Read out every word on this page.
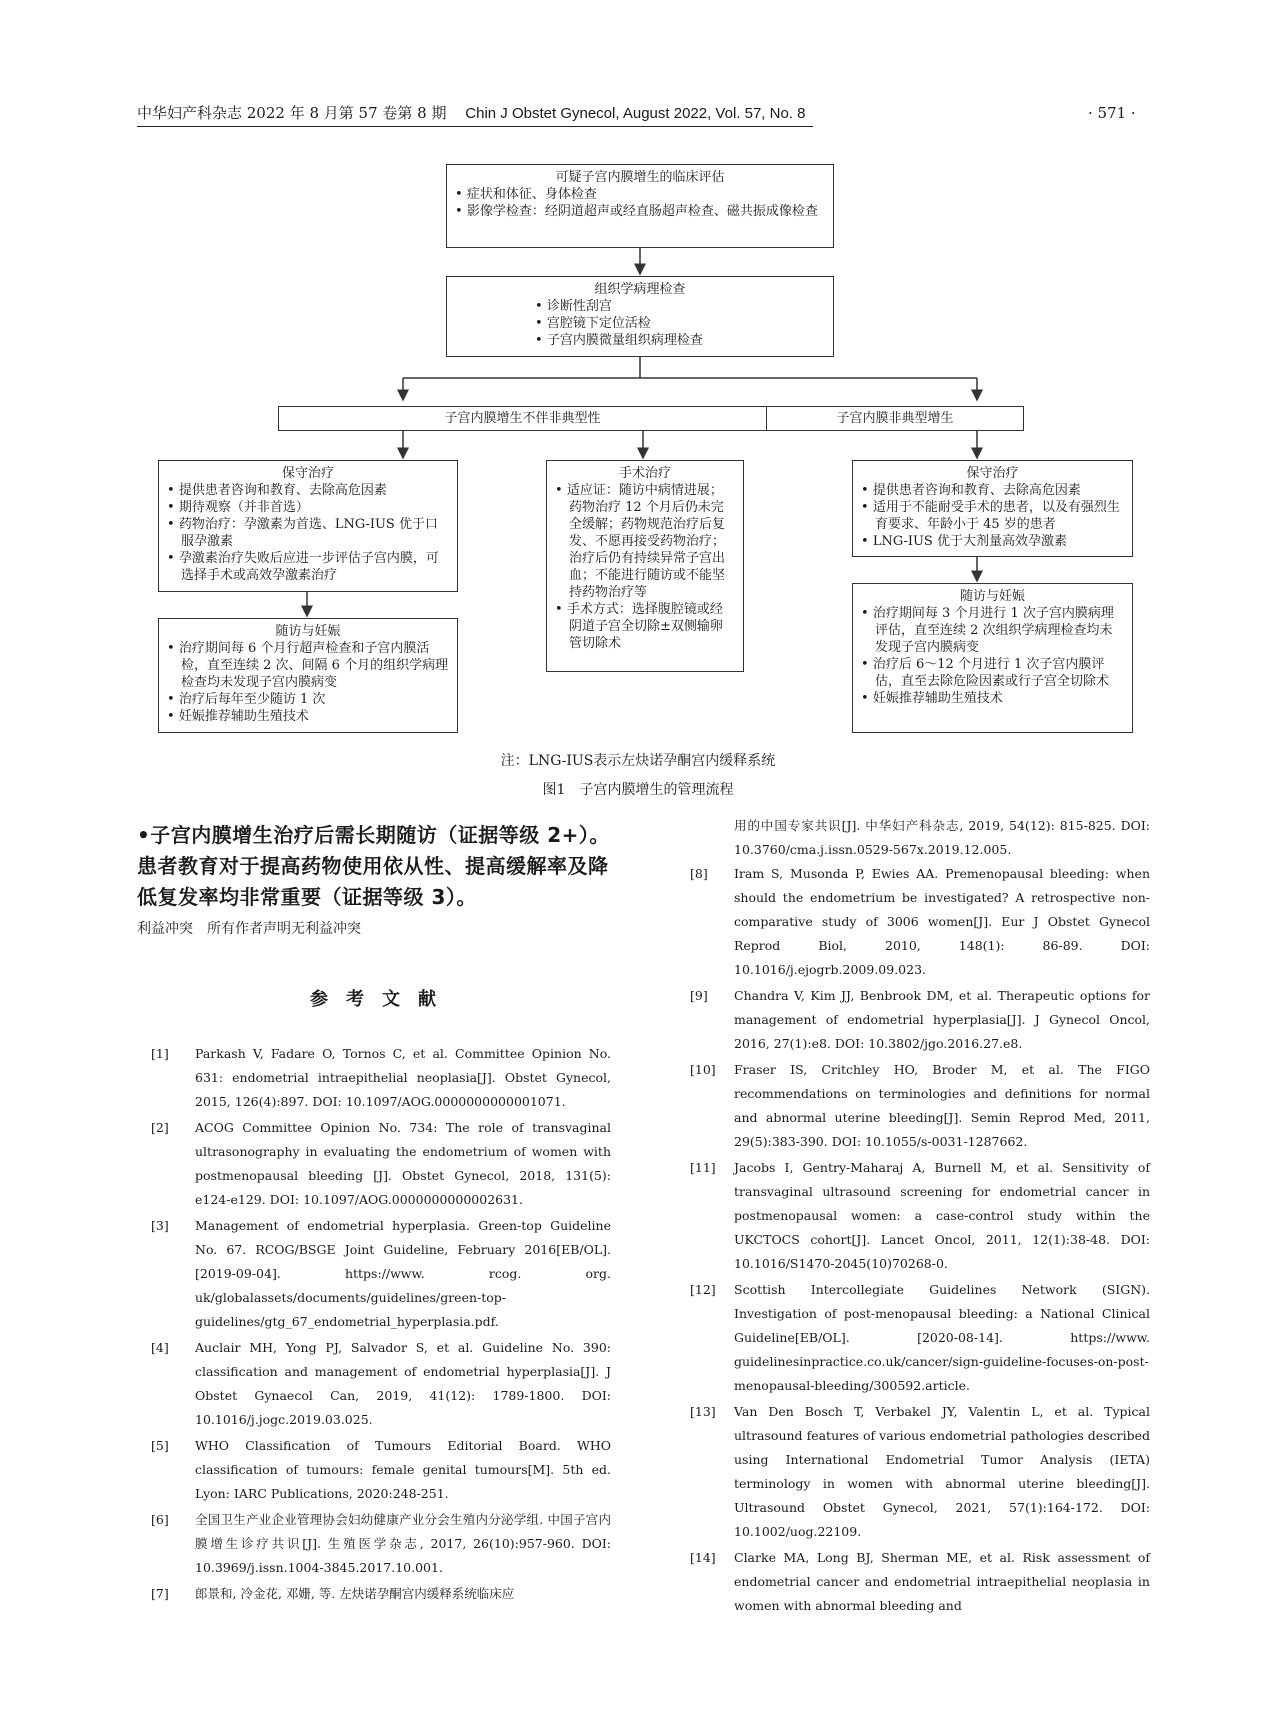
中华妇产科杂志 2022 年 8 月第 57 卷第 8 期 Chin J Obstet Gynecol, August 2022, Vol. 57, No. 8	· 571 ·
可疑子宫内膜增生的临床评估
• 症状和体征、身体检查
• 影像学检查：经阴道超声或经直肠超声检查、磁共振成像检查
组织学病理检查
• 诊断性刮宫
• 宫腔镜下定位活检
• 子宫内膜微量组织病理检查
子宫内膜增生不伴非典型性	子宫内膜非典型增生
保守治疗
• 提供患者咨询和教育、去除高危因素
• 期待观察（并非首选）
• 药物治疗：孕激素为首选、LNG-IUS 优于口服孕激素
• 孕激素治疗失败后应进一步评估子宫内膜，可选择手术或高效孕激素治疗
随访与妊娠
• 治疗期间每 6 个月行超声检查和子宫内膜活检，直至连续 2 次、间隔 6 个月的组织学病理检查均未发现子宫内膜病变
• 治疗后每年至少随访 1 次
• 妊娠推荐辅助生殖技术
手术治疗
• 适应证：随访中病情进展；药物治疗 12 个月后仍未完全缓解；药物规范治疗后复发、不愿再接受药物治疗；治疗后仍有持续异常子宫出血；不能进行随访或不能坚持药物治疗等
• 手术方式：选择腹腔镜或经阴道子宫全切除±双侧输卵管切除术
保守治疗
• 提供患者咨询和教育、去除高危因素
• 适用于不能耐受手术的患者，以及有强烈生育要求、年龄小于 45 岁的患者
• LNG-IUS 优于大剂量高效孕激素
随访与妊娠
• 治疗期间每 3 个月进行 1 次子宫内膜病理评估，直至连续 2 次组织学病理检查均未发现子宫内膜病变
• 治疗后 6～12 个月进行 1 次子宫内膜评估，直至去除危险因素或行子宫全切除术
• 妊娠推荐辅助生殖技术
注：LNG-IUS表示左炔诺孕酮宫内缓释系统
图1　子宫内膜增生的管理流程
•子宫内膜增生治疗后需长期随访（证据等级 2+）。患者教育对于提高药物使用依从性、提高缓解率及降低复发率均非常重要（证据等级 3）。
利益冲突　所有作者声明无利益冲突
参考文献
[1] Parkash V, Fadare O, Tornos C, et al. Committee Opinion No. 631: endometrial intraepithelial neoplasia[J]. Obstet Gynecol, 2015, 126(4):897. DOI: 10.1097/AOG.0000000000001071.
[2] ACOG Committee Opinion No. 734: The role of transvaginal ultrasonography in evaluating the endometrium of women with postmenopausal bleeding [J]. Obstet Gynecol, 2018, 131(5): e124-e129. DOI: 10.1097/AOG.0000000000002631.
[3] Management of endometrial hyperplasia. Green-top Guideline No. 67. RCOG/BSGE Joint Guideline, February 2016[EB/OL]. [2019-09-04]. https://www. rcog. org. uk/globalassets/documents/guidelines/green-top-guidelines/gtg_67_endometrial_hyperplasia.pdf.
[4] Auclair MH, Yong PJ, Salvador S, et al. Guideline No. 390: classification and management of endometrial hyperplasia[J]. J Obstet Gynaecol Can, 2019, 41(12): 1789-1800. DOI: 10.1016/j.jogc.2019.03.025.
[5] WHO Classification of Tumours Editorial Board. WHO classification of tumours: female genital tumours[M]. 5th ed. Lyon: IARC Publications, 2020:248-251.
[6] 全国卫生产业企业管理协会妇幼健康产业分会生殖内分泌学组. 中国子宫内膜增生诊疗共识[J]. 生殖医学杂志, 2017, 26(10):957-960. DOI: 10.3969/j.issn.1004-3845.2017.10.001.
[7] 郎景和, 冷金花, 邓姗, 等. 左炔诺孕酮宫内缓释系统临床应
用的中国专家共识[J]. 中华妇产科杂志, 2019, 54(12): 815-825. DOI: 10.3760/cma.j.issn.0529-567x.2019.12.005.
[8] Iram S, Musonda P, Ewies AA. Premenopausal bleeding: when should the endometrium be investigated? A retrospective non-comparative study of 3006 women[J]. Eur J Obstet Gynecol Reprod Biol, 2010, 148(1): 86-89. DOI: 10.1016/j.ejogrb.2009.09.023.
[9] Chandra V, Kim JJ, Benbrook DM, et al. Therapeutic options for management of endometrial hyperplasia[J]. J Gynecol Oncol, 2016, 27(1):e8. DOI: 10.3802/jgo.2016.27.e8.
[10] Fraser IS, Critchley HO, Broder M, et al. The FIGO recommendations on terminologies and definitions for normal and abnormal uterine bleeding[J]. Semin Reprod Med, 2011, 29(5):383-390. DOI: 10.1055/s-0031-1287662.
[11] Jacobs I, Gentry-Maharaj A, Burnell M, et al. Sensitivity of transvaginal ultrasound screening for endometrial cancer in postmenopausal women: a case-control study within the UKCTOCS cohort[J]. Lancet Oncol, 2011, 12(1):38-48. DOI: 10.1016/S1470-2045(10)70268-0.
[12] Scottish Intercollegiate Guidelines Network (SIGN). Investigation of post-menopausal bleeding: a National Clinical Guideline[EB/OL]. [2020-08-14]. https://www. guidelinesinpractice.co.uk/cancer/sign-guideline-focuses-on-post-menopausal-bleeding/300592.article.
[13] Van Den Bosch T, Verbakel JY, Valentin L, et al. Typical ultrasound features of various endometrial pathologies described using International Endometrial Tumor Analysis (IETA) terminology in women with abnormal uterine bleeding[J]. Ultrasound Obstet Gynecol, 2021, 57(1):164-172. DOI: 10.1002/uog.22109.
[14] Clarke MA, Long BJ, Sherman ME, et al. Risk assessment of endometrial cancer and endometrial intraepithelial neoplasia in women with abnormal bleeding and
